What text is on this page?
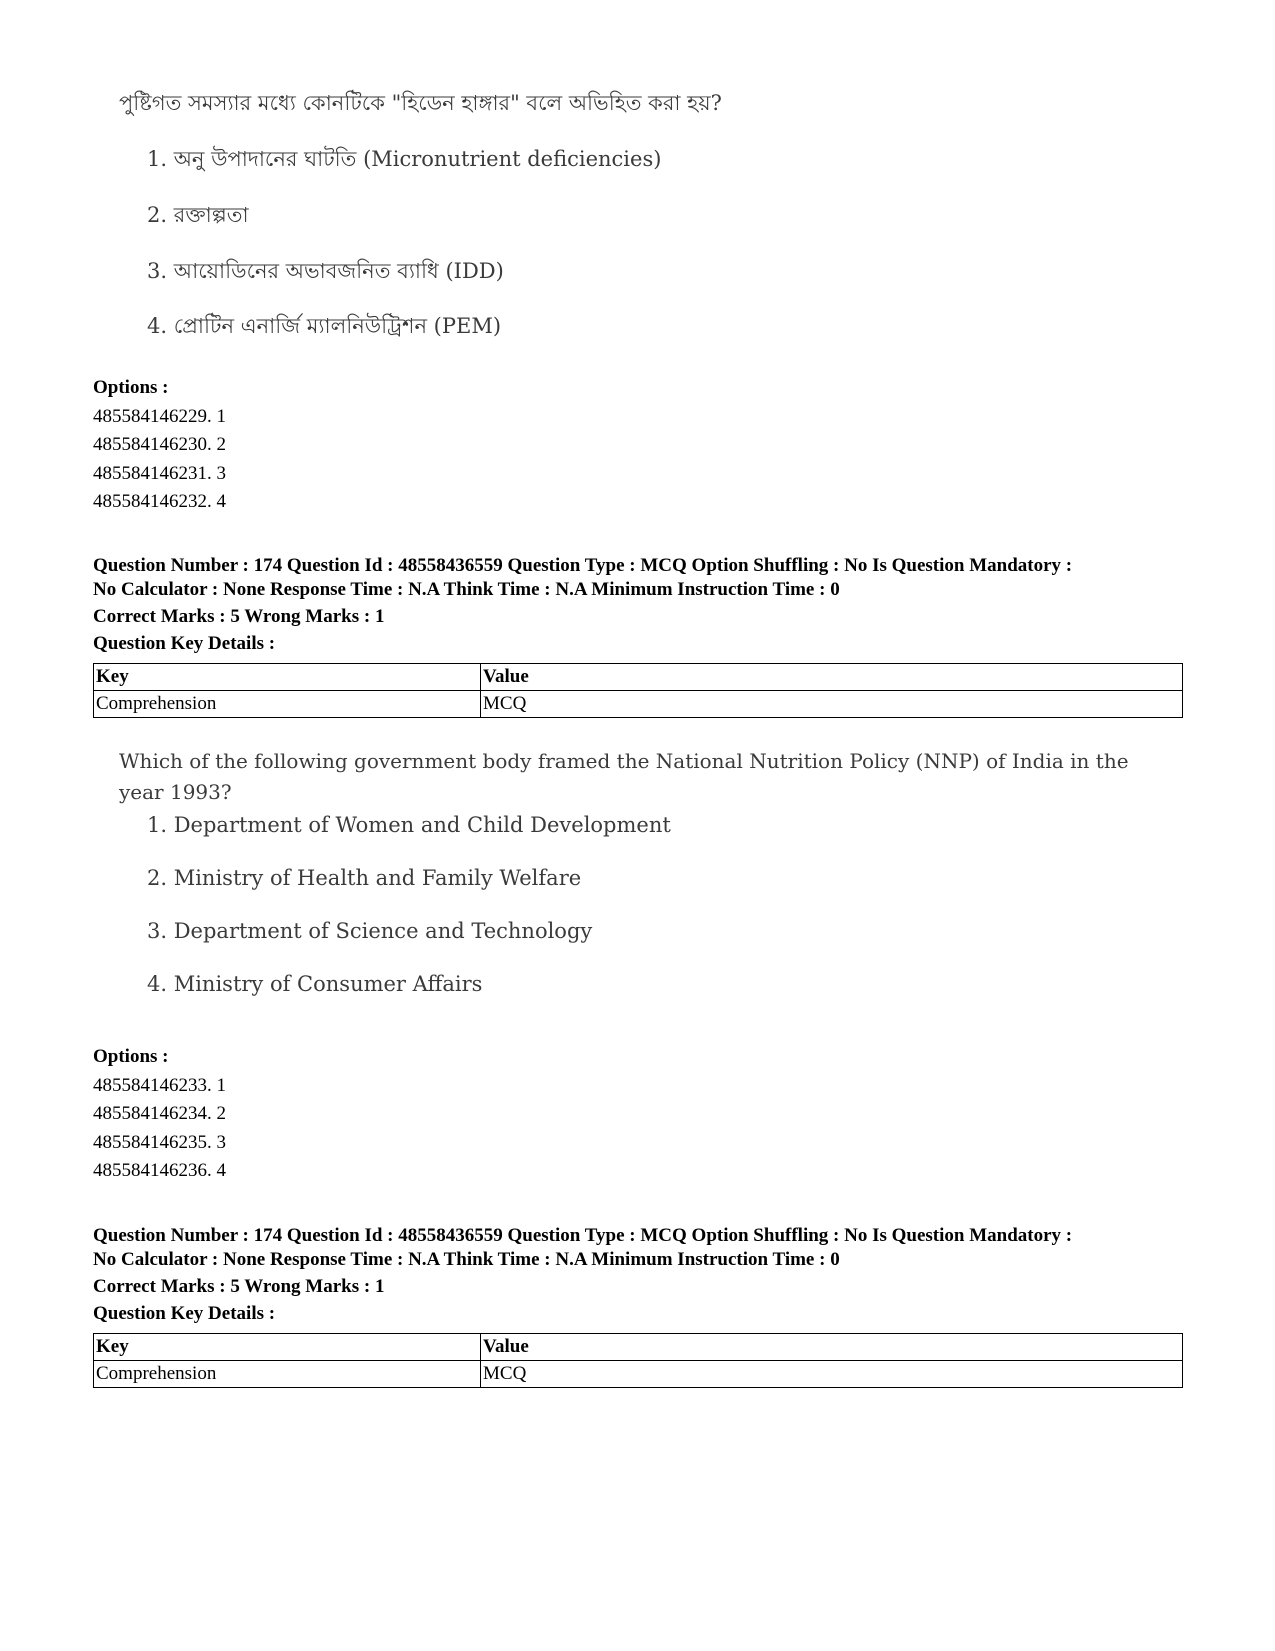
পুষ্টিগত সমস্যার মধ্যে কোনটিকে "হিডেন হাঙ্গার" বলে অভিহিত করা হয়?
1. অনু উপাদানের ঘাটতি (Micronutrient deficiencies)
2. রক্তাল্পতা
3. আয়োডিনের অভাবজনিত ব্যাধি (IDD)
4. প্রোটিন এনার্জি ম্যালনিউট্রিশন (PEM)
Options :
485584146229. 1
485584146230. 2
485584146231. 3
485584146232. 4
Question Number : 174 Question Id : 48558436559 Question Type : MCQ Option Shuffling : No Is Question Mandatory :
No Calculator : None Response Time : N.A Think Time : N.A Minimum Instruction Time : 0
Correct Marks : 5 Wrong Marks : 1
Question Key Details :
Key	Value
Comprehension	MCQ
Which of the following government body framed the National Nutrition Policy (NNP) of India in the year 1993?
1. Department of Women and Child Development
2. Ministry of Health and Family Welfare
3. Department of Science and Technology
4. Ministry of Consumer Affairs
Options :
485584146233. 1
485584146234. 2
485584146235. 3
485584146236. 4
Question Number : 174 Question Id : 48558436559 Question Type : MCQ Option Shuffling : No Is Question Mandatory :
No Calculator : None Response Time : N.A Think Time : N.A Minimum Instruction Time : 0
Correct Marks : 5 Wrong Marks : 1
Question Key Details :
Key	Value
Comprehension	MCQ
